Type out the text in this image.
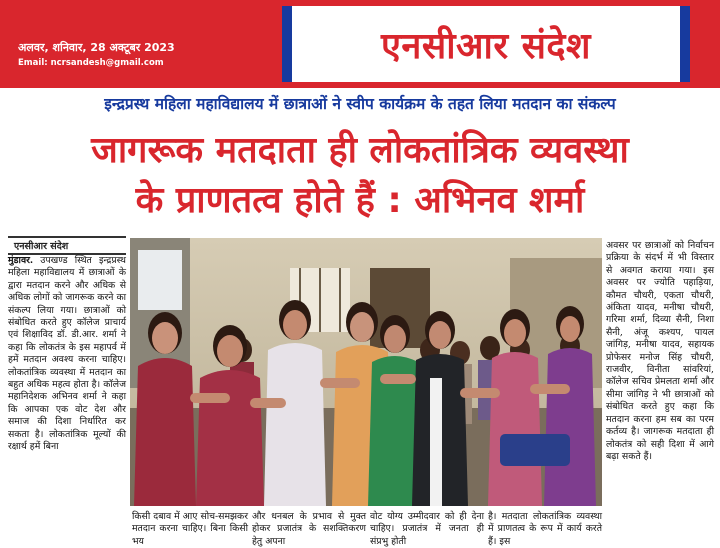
अलवर, शनिवार, 28 अक्टूबर 2023
Email: ncrsandesh@gmail.com	एनसीआर संदेश
इन्द्रप्रस्थ महिला महाविद्यालय में छात्राओं ने स्वीप कार्यक्रम के तहत लिया मतदान का संकल्प
जागरूक मतदाता ही लोकतांत्रिक व्यवस्था
के प्राणतत्व होते हैं : अभिनव शर्मा
एनसीआर संदेश
मुंडावर. उपखण्ड स्थित इन्द्रप्रस्थ महिला महाविद्यालय में छात्राओं के द्वारा मतदान करने और अधिक से अधिक लोगों को जागरूक करने का संकल्प लिया गया। छात्राओं को संबोधित करते हुए कॉलेज प्राचार्य एवं शिक्षाविद डॉ. डी.आर. शर्मा ने कहा कि लोकतंत्र के इस महापर्व में हमें मतदान अवश्य करना चाहिए। लोकतांत्रिक व्यवस्था में मतदान का बहुत अधिक महत्व होता है। कॉलेज महानिदेशक अभिनव शर्मा ने कहा कि आपका एक वोट देश और समाज की दिशा निर्धारित कर सकता है। लोकतांत्रिक मूल्यों की रक्षार्थ हमें बिना
किसी दबाव में आए सोच-समझकर मतदान करना चाहिए। बिना किसी भय
और धनबल के प्रभाव से मुक्त होकर प्रजातंत्र के सशक्तिकरण हेतु अपना
वोट योग्य उम्मीदवार को ही देना चाहिए। प्रजातंत्र में जनता ही संप्रभु होती
है। मतदाता लोकतांत्रिक व्यवस्था में प्राणतत्व के रूप में कार्य करते हैं। इस
अवसर पर छात्राओं को निर्वाचन प्रक्रिया के संदर्भ में भी विस्तार से अवगत कराया गया। इस अवसर पर ज्योति पहाड़िया, कौमत चौधरी, एकता चौधरी, अंकिता यादव, मनीषा चौधरी, गरिमा शर्मा, दिव्या सैनी, निशा सैनी, अंजू कश्यप, पायल जांगिड़, मनीषा यादव, सहायक प्रोफेसर मनोज सिंह चौधरी, राजवीर, विनीता सांवरियां, कॉलेज सचिव प्रेमलता शर्मा और सीमा जांगिड़ ने भी छात्राओं को संबोधित करते हुए कहा कि मतदान करना हम सब का परम कर्तव्य है। जागरूक मतदाता ही लोकतंत्र को सही दिशा में आगे बढ़ा सकते हैं।
